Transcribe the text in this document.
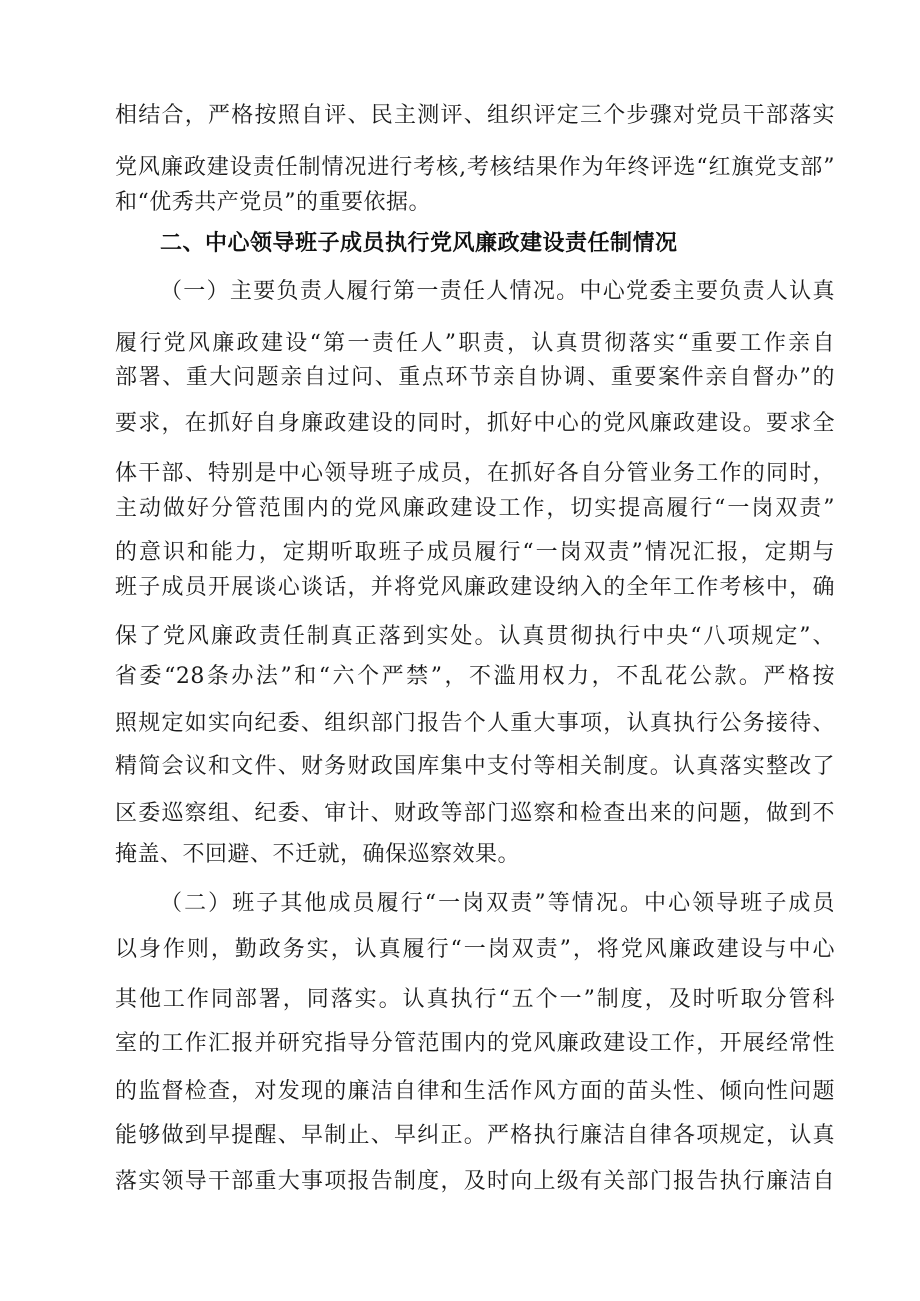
相结合，严格按照自评、民主测评、组织评定三个步骤对党员干部落实
党风廉政建设责任制情况进行考核,考核结果作为年终评选“红旗党支部”
和“优秀共产党员”的重要依据。
二、中心领导班子成员执行党风廉政建设责任制情况
（一）主要负责人履行第一责任人情况。中心党委主要负责人认真
履行党风廉政建设“第一责任人”职责，认真贯彻落实“重要工作亲自
部署、重大问题亲自过问、重点环节亲自协调、重要案件亲自督办”的
要求，在抓好自身廉政建设的同时，抓好中心的党风廉政建设。要求全
体干部、特别是中心领导班子成员，在抓好各自分管业务工作的同时，
主动做好分管范围内的党风廉政建设工作，切实提高履行“一岗双责”
的意识和能力，定期听取班子成员履行“一岗双责”情况汇报，定期与
班子成员开展谈心谈话，并将党风廉政建设纳入的全年工作考核中，确
保了党风廉政责任制真正落到实处。认真贯彻执行中央“八项规定”、
省委“28条办法”和“六个严禁”，不滥用权力，不乱花公款。严格按
照规定如实向纪委、组织部门报告个人重大事项，认真执行公务接待、
精简会议和文件、财务财政国库集中支付等相关制度。认真落实整改了
区委巡察组、纪委、审计、财政等部门巡察和检查出来的问题，做到不
掩盖、不回避、不迁就，确保巡察效果。
（二）班子其他成员履行“一岗双责”等情况。中心领导班子成员
以身作则，勤政务实，认真履行“一岗双责”，将党风廉政建设与中心
其他工作同部署，同落实。认真执行“五个一”制度，及时听取分管科
室的工作汇报并研究指导分管范围内的党风廉政建设工作，开展经常性
的监督检查，对发现的廉洁自律和生活作风方面的苗头性、倾向性问题
能够做到早提醒、早制止、早纠正。严格执行廉洁自律各项规定，认真
落实领导干部重大事项报告制度，及时向上级有关部门报告执行廉洁自
